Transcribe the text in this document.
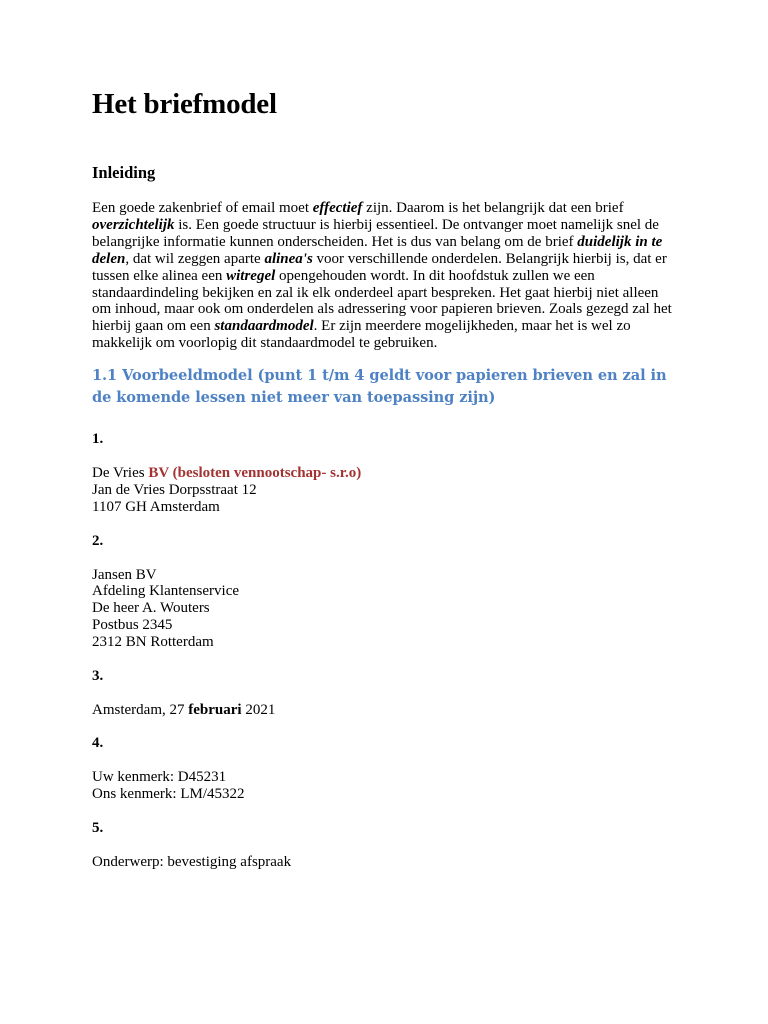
Het briefmodel
Inleiding

Een goede zakenbrief of email moet effectief zijn. Daarom is het belangrijk dat een brief overzichtelijk is. Een goede structuur is hierbij essentieel. De ontvanger moet namelijk snel de belangrijke informatie kunnen onderscheiden. Het is dus van belang om de brief duidelijk in te delen, dat wil zeggen aparte alinea's voor verschillende onderdelen. Belangrijk hierbij is, dat er tussen elke alinea een witregel opengehouden wordt. In dit hoofdstuk zullen we een standaardindeling bekijken en zal ik elk onderdeel apart bespreken. Het gaat hierbij niet alleen om inhoud, maar ook om onderdelen als adressering voor papieren brieven. Zoals gezegd zal het hierbij gaan om een standaardmodel. Er zijn meerdere mogelijkheden, maar het is wel zo makkelijk om voorlopig dit standaardmodel te gebruiken.

1.1 Voorbeeldmodel (punt 1 t/m 4 geldt voor papieren brieven en zal in de komende lessen niet meer van toepassing zijn)

1.

De Vries BV (besloten vennootschap- s.r.o)
Jan de Vries Dorpsstraat 12
1107 GH Amsterdam

2.

Jansen BV
Afdeling Klantenservice
De heer A. Wouters
Postbus 2345
2312 BN Rotterdam

3.

Amsterdam, 27 februari 2021

4.

Uw kenmerk: D45231
Ons kenmerk: LM/45322

5.

Onderwerp: bevestiging afspraak
